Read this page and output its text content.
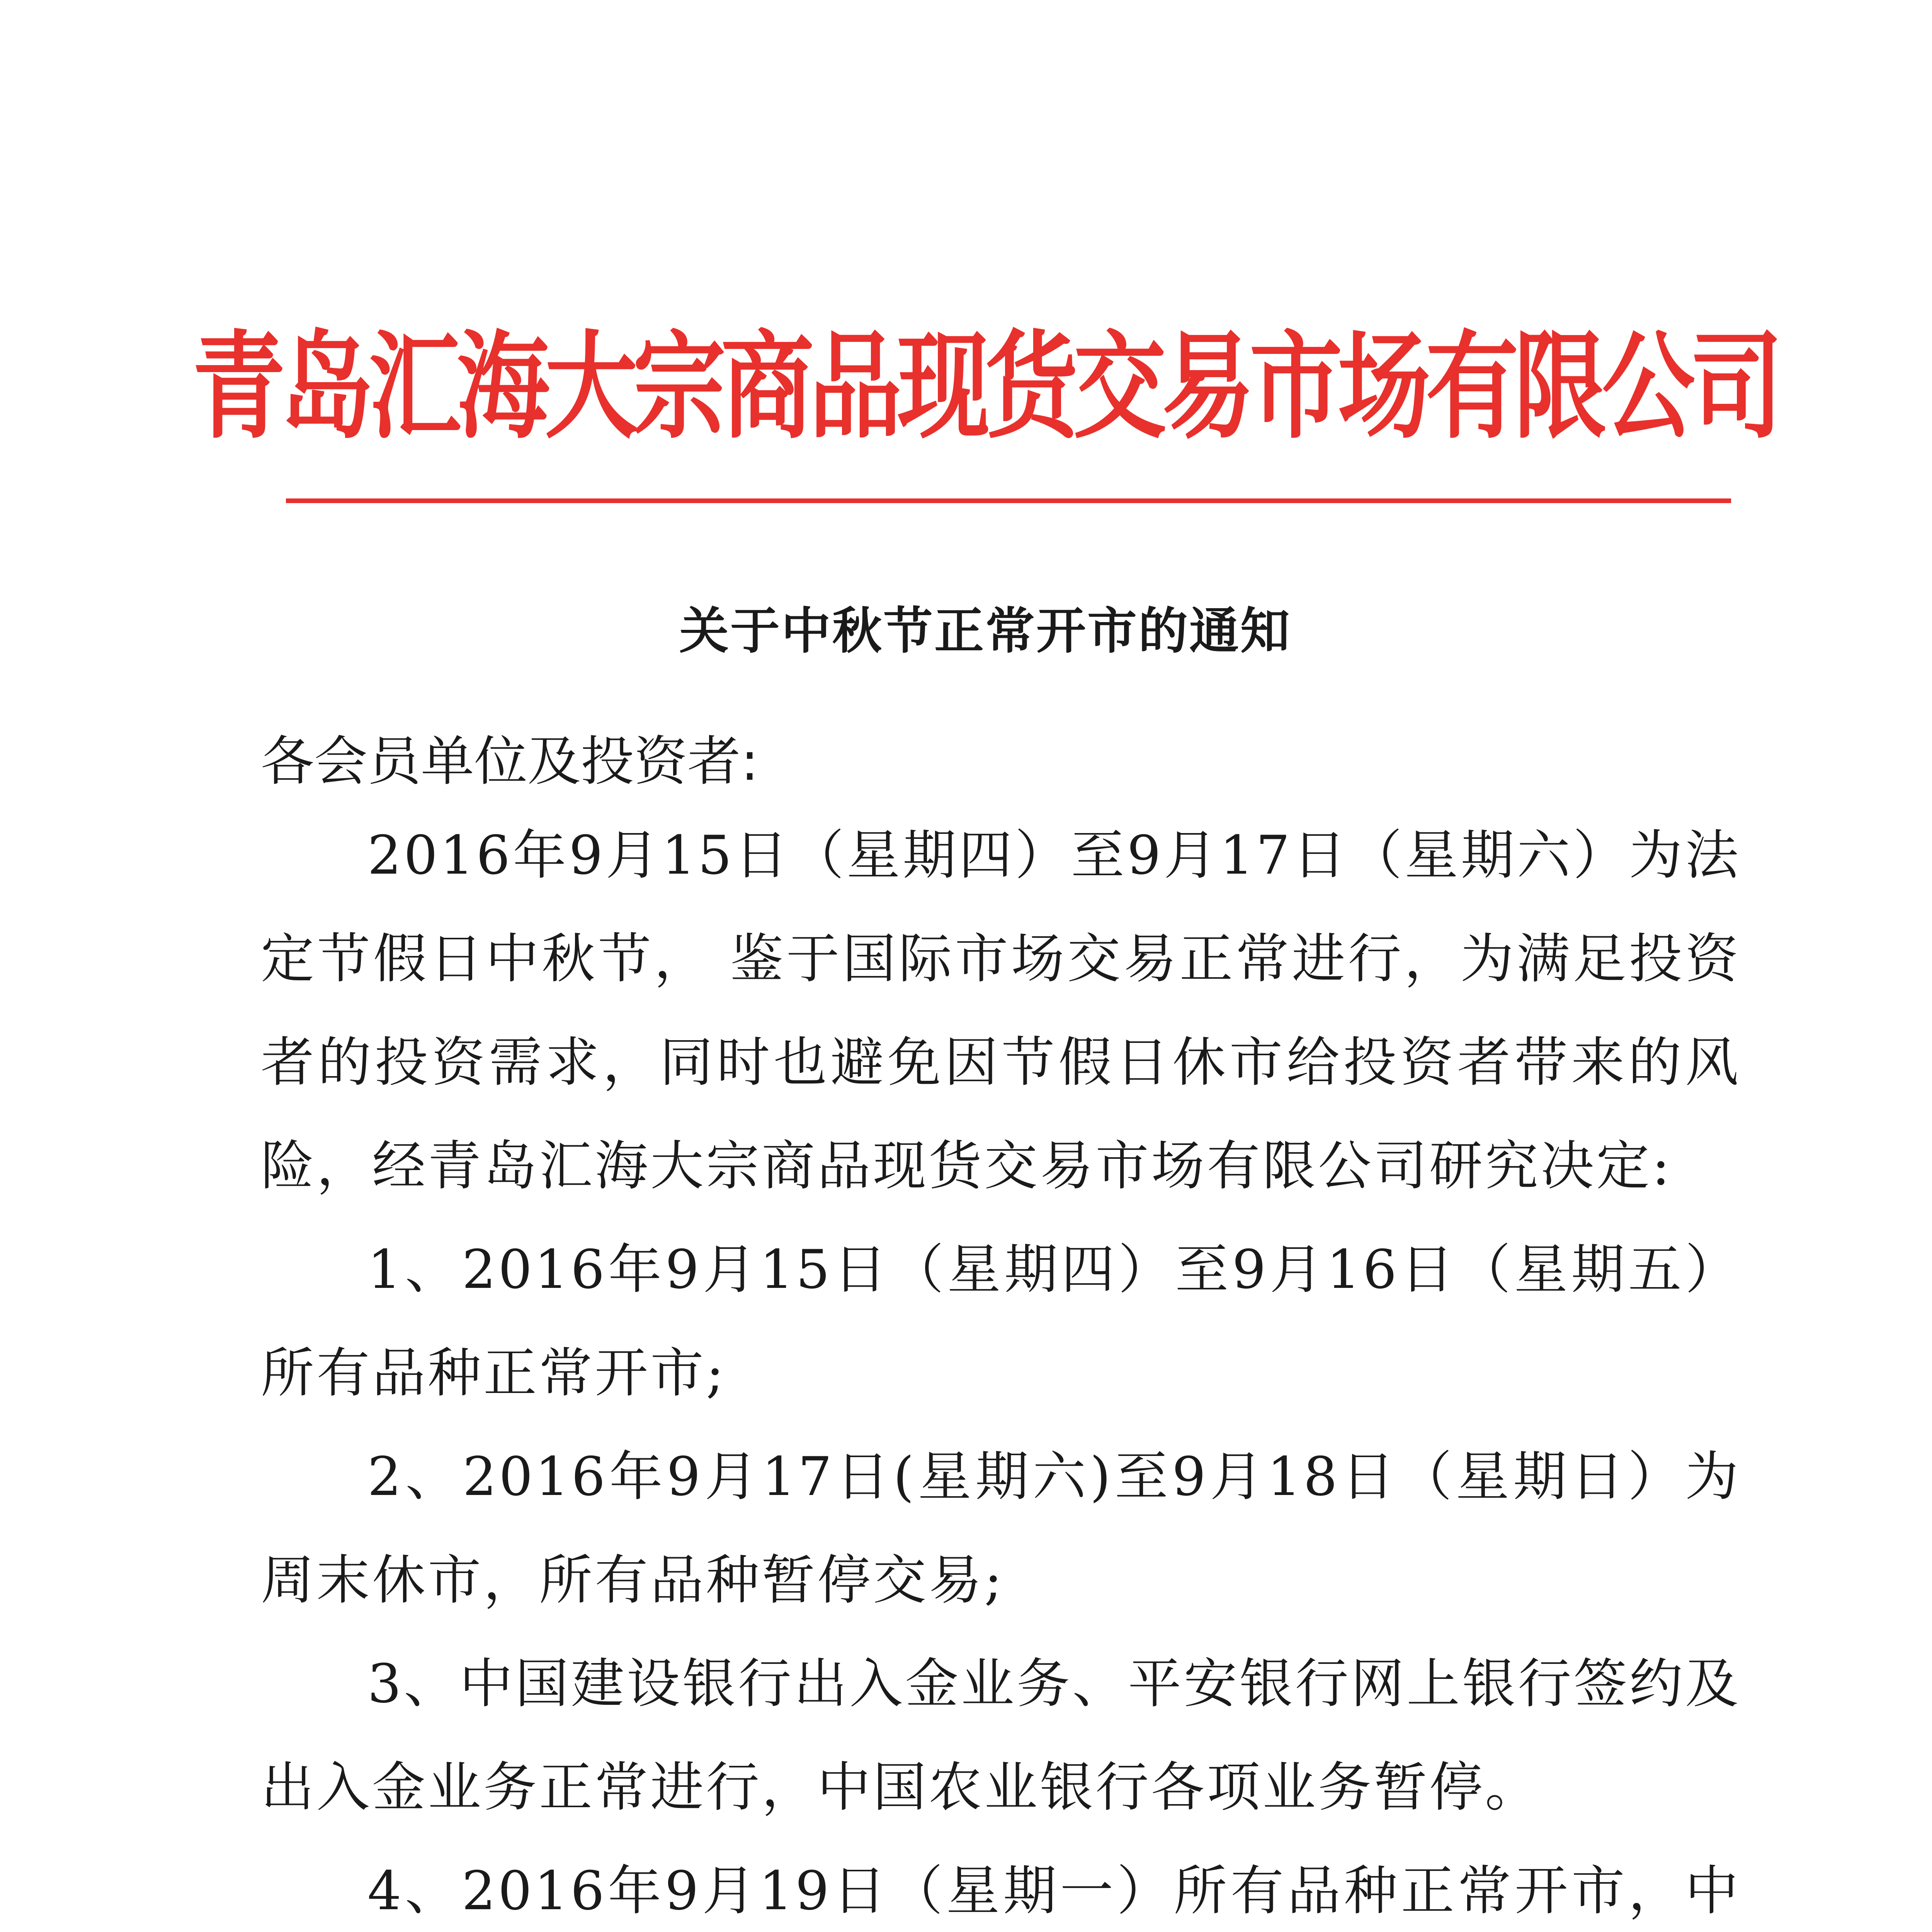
青岛汇海大宗商品现货交易市场有限公司
关于中秋节正常开市的通知
各会员单位及投资者:

2016年9月15日（星期四）至9月17日（星期六）为法定节假日中秋节， 鉴于国际市场交易正常进行，为满足投资者的投资需求，同时也避免因节假日休市给投资者带来的风险，经青岛汇海大宗商品现货交易市场有限公司研究决定:

1、2016年9月15日（星期四）至9月16日（星期五）所有品种正常开市;

2、2016年9月17日(星期六)至9月18日（星期日）为周末休市，所有品种暂停交易;

3、中国建设银行出入金业务、平安银行网上银行签约及出入金业务正常进行，中国农业银行各项业务暂停。

4、2016年9月19日（星期一）所有品种正常开市，中
